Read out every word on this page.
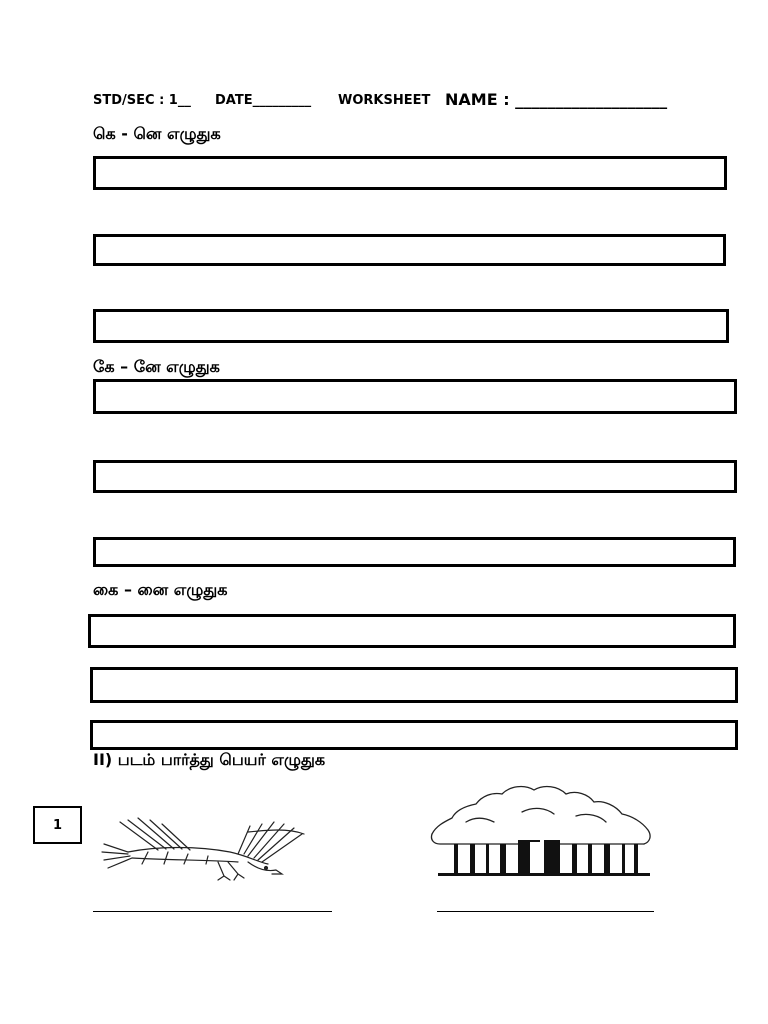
STD/SEC : 1__ DATE_________ WORKSHEET NAME : ___________________
கெ - னெ எழுதுக
கே – னே எழுதுக
கை – னை எழுதுக
II) படம் பார்த்து பெயர் எழுதுக
1
